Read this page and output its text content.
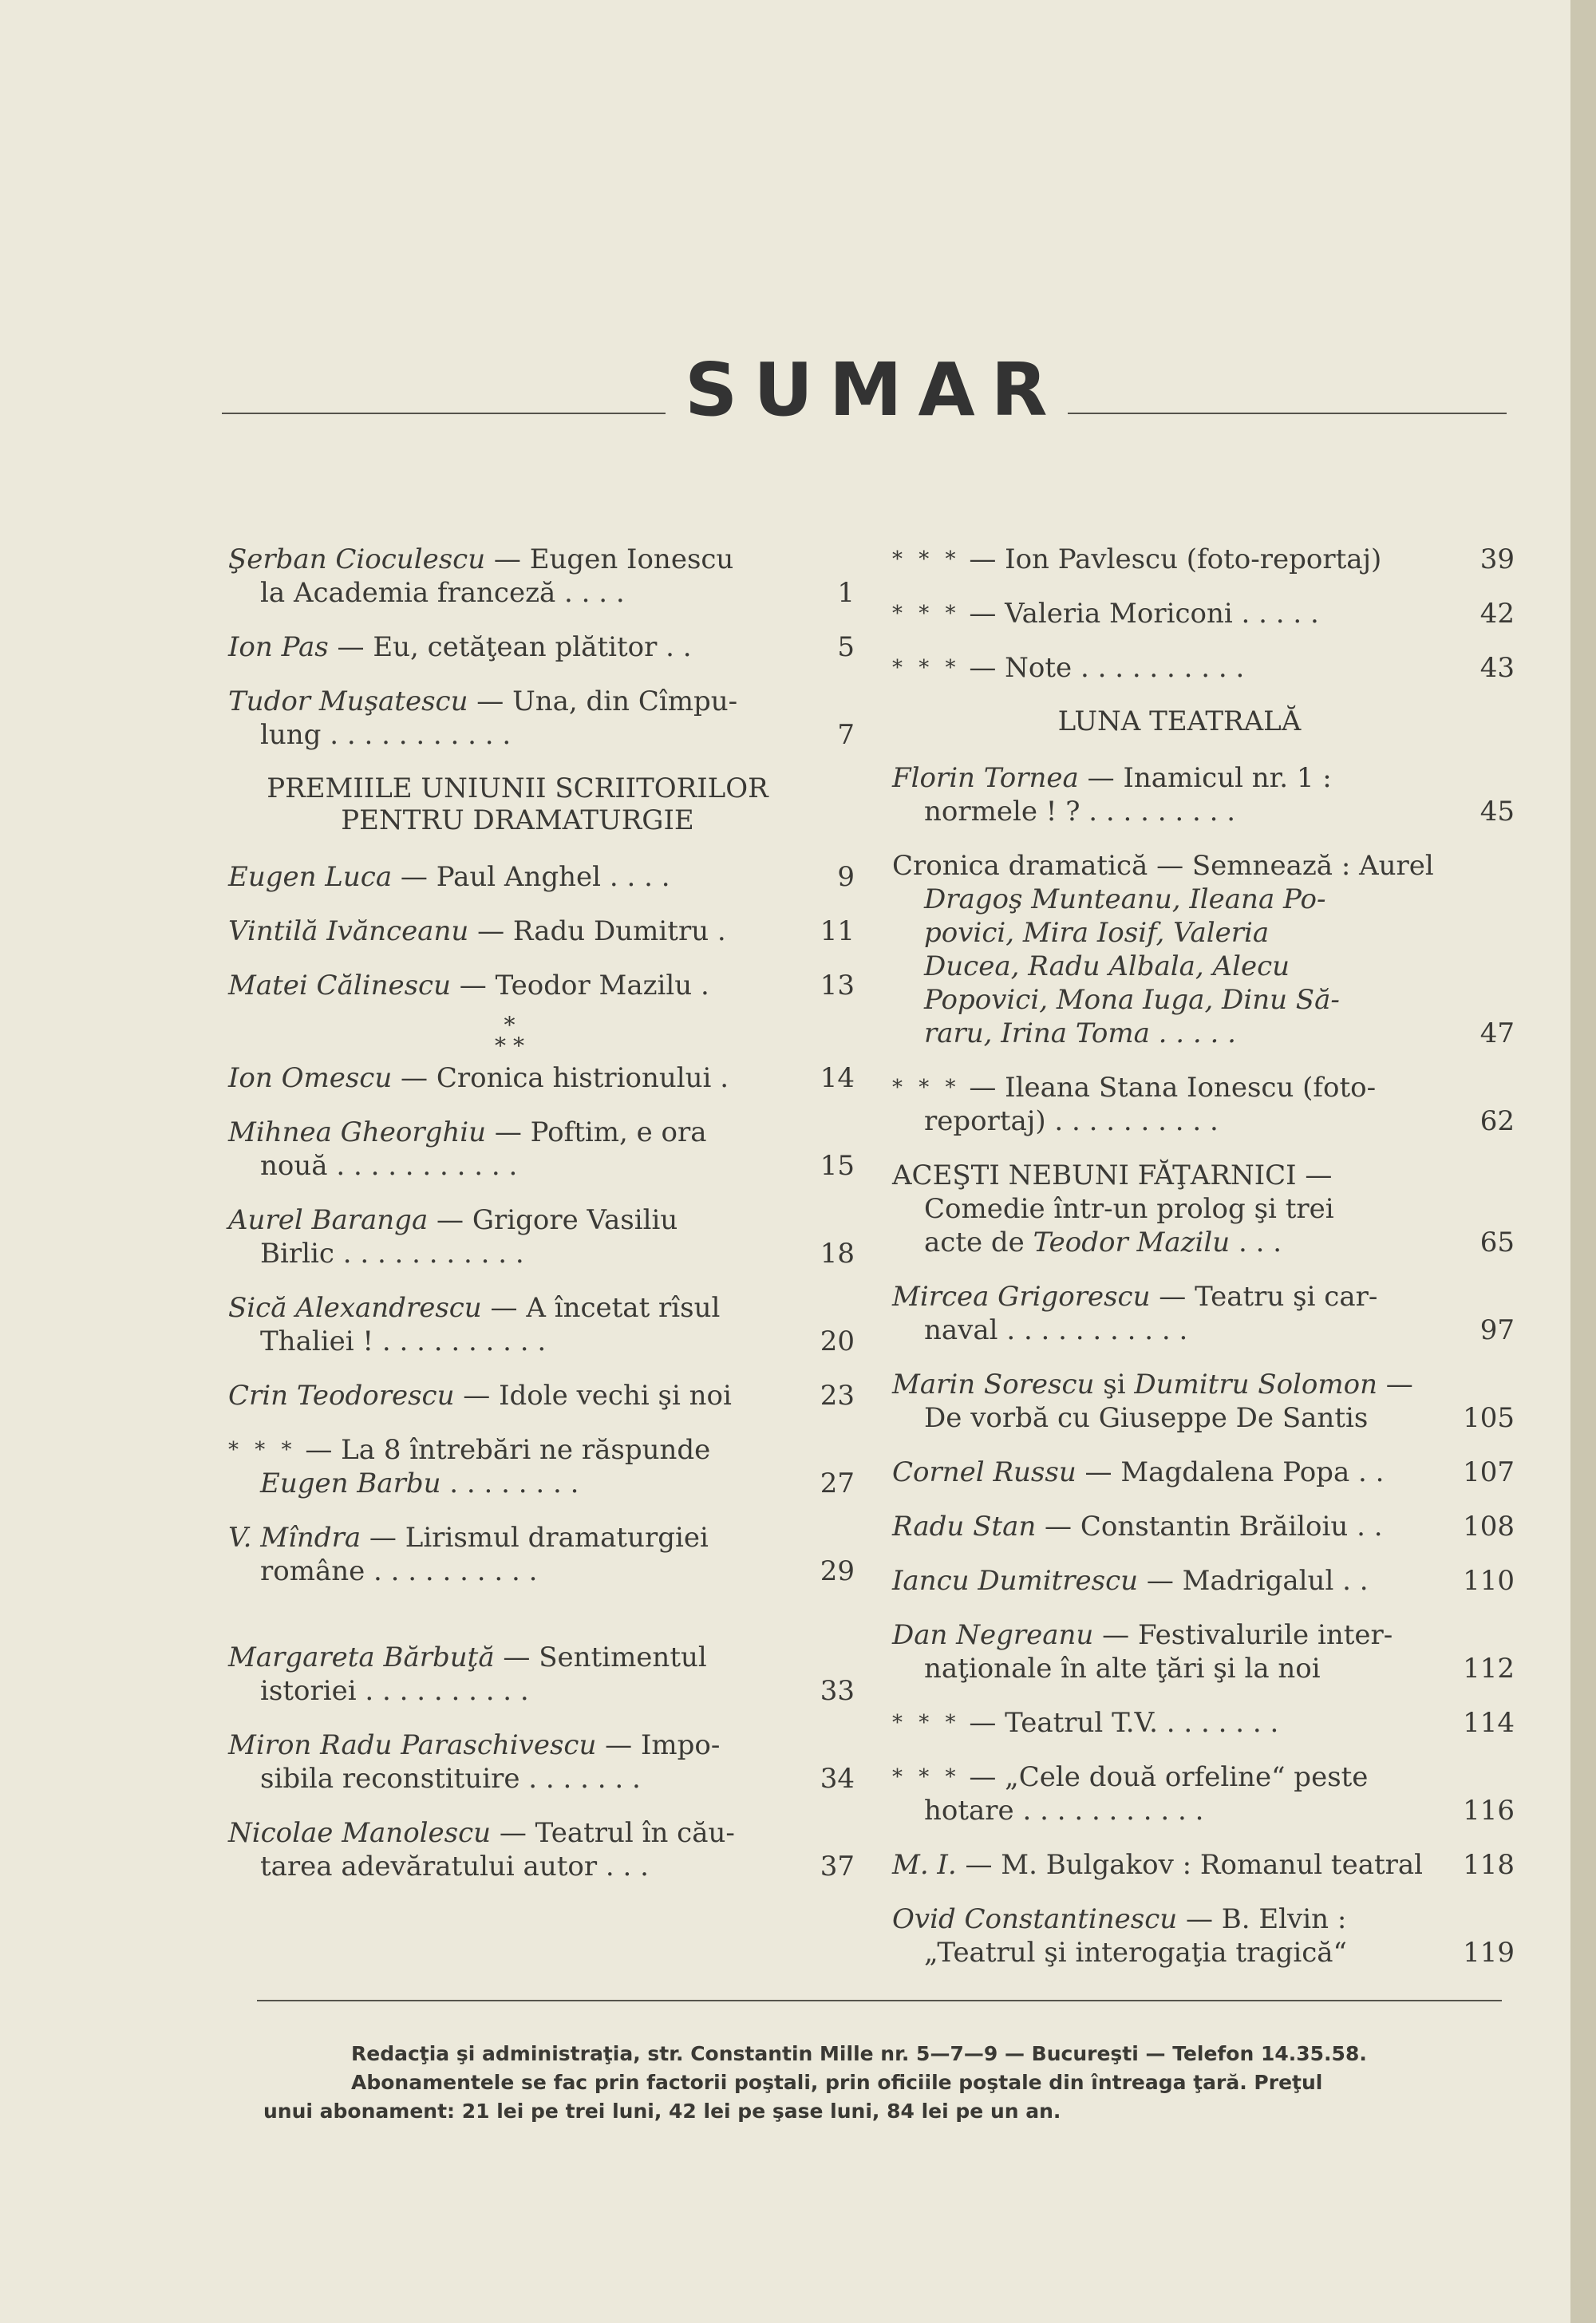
SUMAR
Şerban Cioculescu — Eugen Ionescu
la Academia franceză . . . .	1
Ion Pas — Eu, cetăţean plătitor . .	5
Tudor Muşatescu — Una, din Cîmpu-
lung . . . . . . . . . . .	7
PREMIILE UNIUNII SCRIITORILOR PENTRU DRAMATURGIE
Eugen Luca — Paul Anghel . . . .	9
Vintilă Ivănceanu — Radu Dumitru .	11
Matei Călinescu — Teodor Mazilu .	13
*
* *
Ion Omescu — Cronica histrionului .	14
Mihnea Gheorghiu — Poftim, e ora
nouă . . . . . . . . . . .	15
Aurel Baranga — Grigore Vasiliu
Birlic . . . . . . . . . . .	18
Sică Alexandrescu — A încetat rîsul
Thaliei ! . . . . . . . . . .	20
Crin Teodorescu — Idole vechi şi noi	23
* * * — La 8 întrebări ne răspunde
Eugen Barbu . . . . . . . .	27
V. Mîndra — Lirismul dramaturgiei
române . . . . . . . . . .	29
Margareta Bărbuţă — Sentimentul
istoriei . . . . . . . . . .	33
Miron Radu Paraschivescu — Impo-
sibila reconstituire . . . . . . .	34
Nicolae Manolescu — Teatrul în cău-
tarea adevăratului autor . . .	37
* * * — Ion Pavlescu (foto-reportaj)	39
* * * — Valeria Moriconi . . . . .	42
* * * — Note . . . . . . . . . .	43
LUNA TEATRALĂ
Florin Tornea — Inamicul nr. 1 :
normele ! ? . . . . . . . . .	45
Cronica dramatică — Semnează : Aurel
Dragoş Munteanu, Ileana Po-
povici, Mira Iosif, Valeria
Ducea, Radu Albala, Alecu
Popovici, Mona Iuga, Dinu Să-
raru, Irina Toma . . . . .	47
* * * — Ileana Stana Ionescu (foto-
reportaj) . . . . . . . . . .	62
ACEŞTI NEBUNI FĂŢARNICI —
Comedie într-un prolog şi trei
acte de Teodor Mazilu . . .	65
Mircea Grigorescu — Teatru şi car-
naval . . . . . . . . . . .	97
Marin Sorescu şi Dumitru Solomon —
De vorbă cu Giuseppe De Santis	105
Cornel Russu — Magdalena Popa . .	107
Radu Stan — Constantin Brăiloiu . .	108
Iancu Dumitrescu — Madrigalul . .	110
Dan Negreanu — Festivalurile inter-
naţionale în alte ţări şi la noi	112
* * * — Teatrul T.V. . . . . . . .	114
* * * — „Cele două orfeline“ peste
hotare . . . . . . . . . . .	116
M. I. — M. Bulgakov : Romanul teatral	118
Ovid Constantinescu — B. Elvin :
„Teatrul şi interogaţia tragică“	119

Redacţia şi administraţia, str. Constantin Mille nr. 5—7—9 — Bucureşti — Telefon 14.35.58.

Abonamentele se fac prin factorii poştali, prin oficiile poştale din întreaga ţară. Preţul

unui abonament: 21 lei pe trei luni, 42 lei pe şase luni, 84 lei pe un an.
